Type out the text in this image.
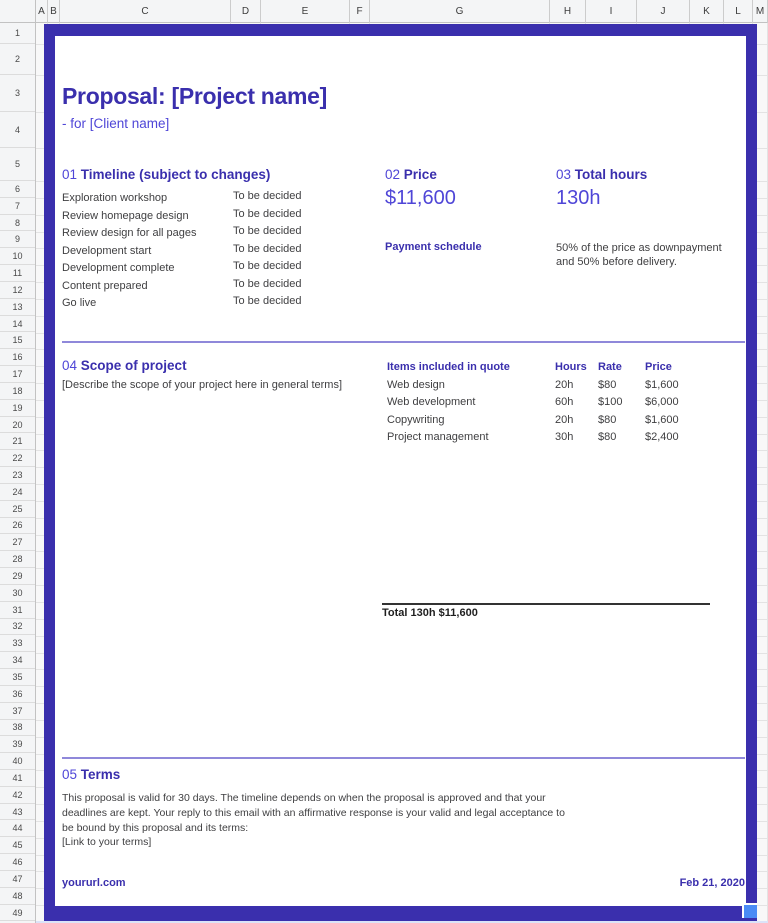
A B	C	D	E	F	G	H	I	J	K	L	M
1
2
3
4
5
6
7
8
9
10
11
12
13
14
15
16
17
18
19
20
21
22
23
24
25
26
27
28
29
30
31
32
33
34
35
36
37
38
39
40
41
42
43
44
45
46
47
48
49
Proposal: [Project name]
- for [Client name]
01 Timeline (subject to changes)	02 Price	03 Total hours
Exploration workshop	To be decided
Review homepage design	To be decided
Review design for all pages	To be decided
Development start	To be decided
Development complete	To be decided
Content prepared	To be decided
Go live	To be decided
$11,600	130h
Payment schedule	50% of the price as downpayment and 50% before delivery.
04 Scope of project
[Describe the scope of your project here in general terms]
Items included in quote	Hours Rate Price
Web design	20h $80	$1,600
Web development	60h $100 $6,000
Copywriting	20h $80	$1,600
Project management	30h $80	$2,400
Total 130h $11,600
05 Terms
This proposal is valid for 30 days. The timeline depends on when the proposal is approved and that your deadlines are kept. Your reply to this email with an affirmative response is your valid and legal acceptance to be bound by this proposal and its terms:
[Link to your terms]
yoururl.com	Feb 21, 2020
